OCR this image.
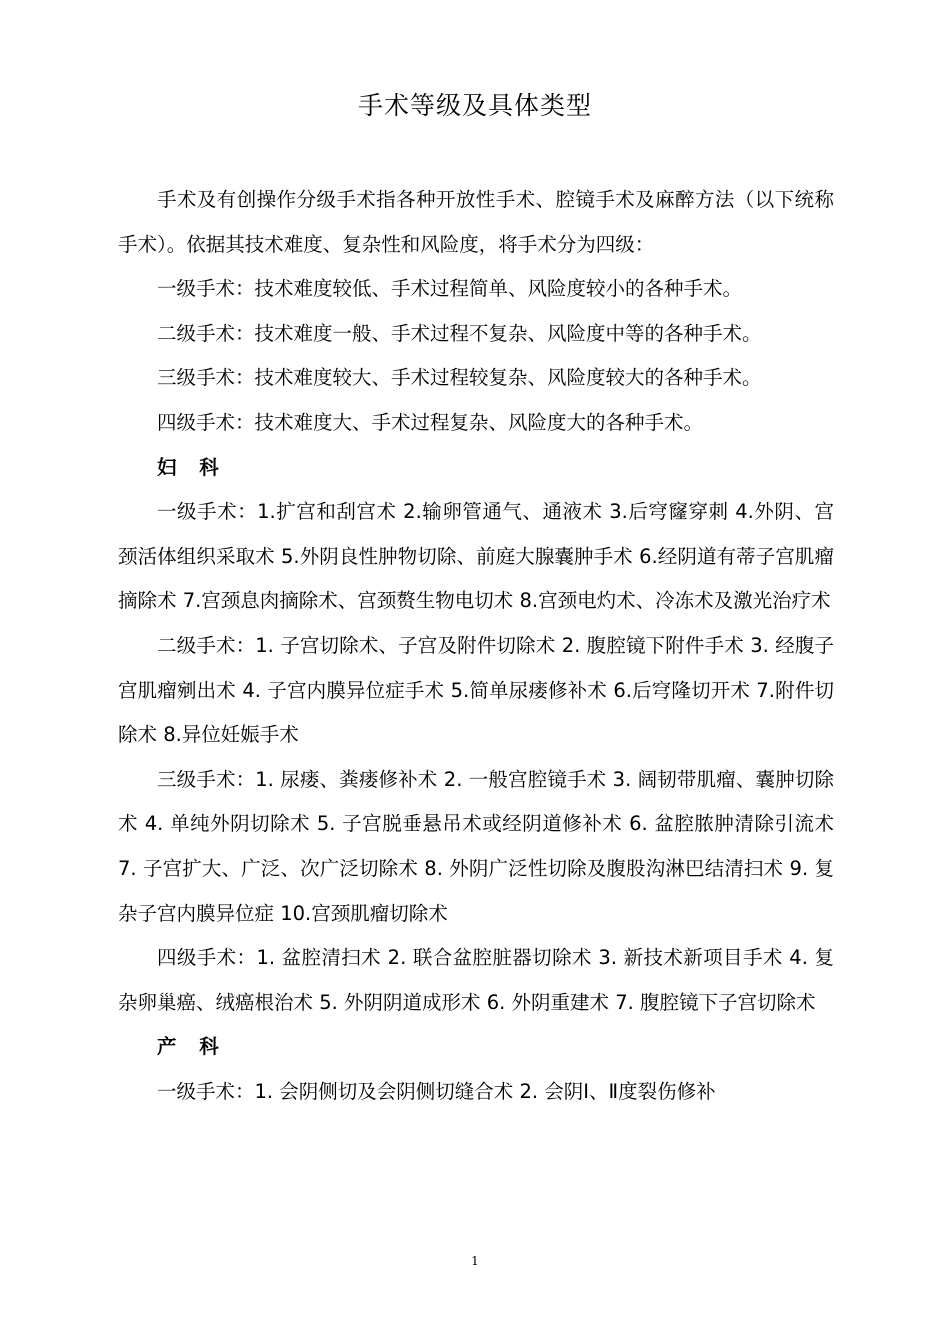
手术等级及具体类型

手术及有创操作分级手术指各种开放性手术、腔镜手术及麻醉方法（以下统称手术）。依据其技术难度、复杂性和风险度，将手术分为四级：

一级手术：技术难度较低、手术过程简单、风险度较小的各种手术。

二级手术：技术难度一般、手术过程不复杂、风险度中等的各种手术。

三级手术：技术难度较大、手术过程较复杂、风险度较大的各种手术。

四级手术：技术难度大、手术过程复杂、风险度大的各种手术。

妇 科

一级手术：1.扩宫和刮宫术 2.输卵管通气、通液术 3.后穹窿穿刺 4.外阴、宫颈活体组织采取术 5.外阴良性肿物切除、前庭大腺囊肿手术 6.经阴道有蒂子宫肌瘤摘除术 7.宫颈息肉摘除术、宫颈赘生物电切术 8.宫颈电灼术、冷冻术及激光治疗术

二级手术：1. 子宫切除术、子宫及附件切除术 2. 腹腔镜下附件手术 3. 经腹子宫肌瘤剜出术 4. 子宫内膜异位症手术 5.简单尿瘘修补术 6.后穹隆切开术 7.附件切除术 8.异位妊娠手术

三级手术：1. 尿瘘、粪瘘修补术 2. 一般宫腔镜手术 3. 阔韧带肌瘤、囊肿切除术 4. 单纯外阴切除术 5. 子宫脱垂悬吊术或经阴道修补术 6. 盆腔脓肿清除引流术 7. 子宫扩大、广泛、次广泛切除术 8. 外阴广泛性切除及腹股沟淋巴结清扫术 9. 复杂子宫内膜异位症 10.宫颈肌瘤切除术

四级手术：1. 盆腔清扫术 2. 联合盆腔脏器切除术 3. 新技术新项目手术 4. 复杂卵巢癌、绒癌根治术 5. 外阴阴道成形术 6. 外阴重建术 7. 腹腔镜下子宫切除术

产 科

一级手术：1. 会阴侧切及会阴侧切缝合术 2. 会阴Ⅰ、Ⅱ度裂伤修补

1
